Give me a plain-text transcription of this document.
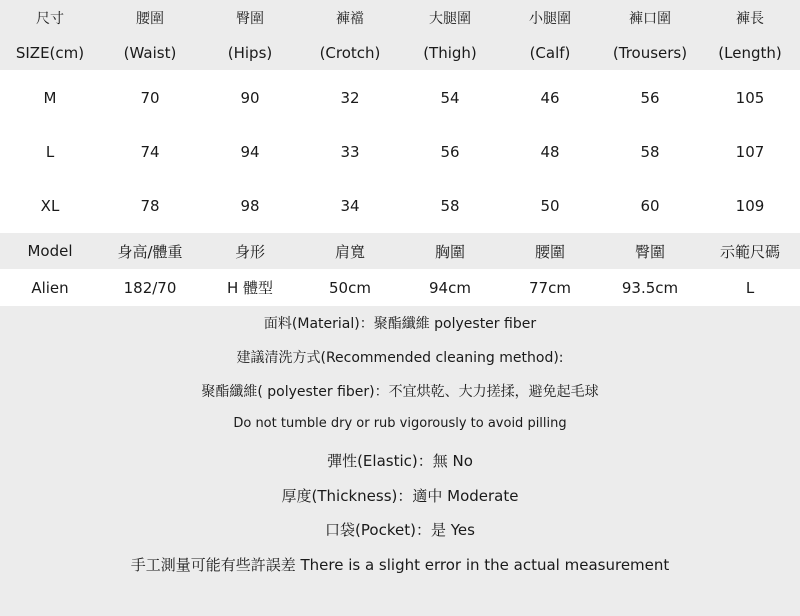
尺寸	腰圍	臀圍	褲襠	大腿圍	小腿圍	褲口圍	褲長
SIZE(cm)	(Waist)	(Hips)	(Crotch)	(Thigh)	(Calf)	(Trousers)	(Length)
M	70	90	32	54	46	56	105
L	74	94	33	56	48	58	107
XL	78	98	34	58	50	60	109
Model	身高/體重	身形	肩寬	胸圍	腰圍	臀圍	示範尺碼
Alien	182/70	H 體型	50cm	94cm	77cm	93.5cm	L
面料(Material)：聚酯纖維 polyester fiber
建議清洗方式(Recommended cleaning method):
聚酯纖維( polyester fiber)：不宜烘乾、大力搓揉，避免起毛球
Do not tumble dry or rub vigorously to avoid pilling
彈性(Elastic)：無 No
厚度(Thickness)：適中 Moderate
口袋(Pocket)：是 Yes
手工測量可能有些許誤差 There is a slight error in the actual measurement
